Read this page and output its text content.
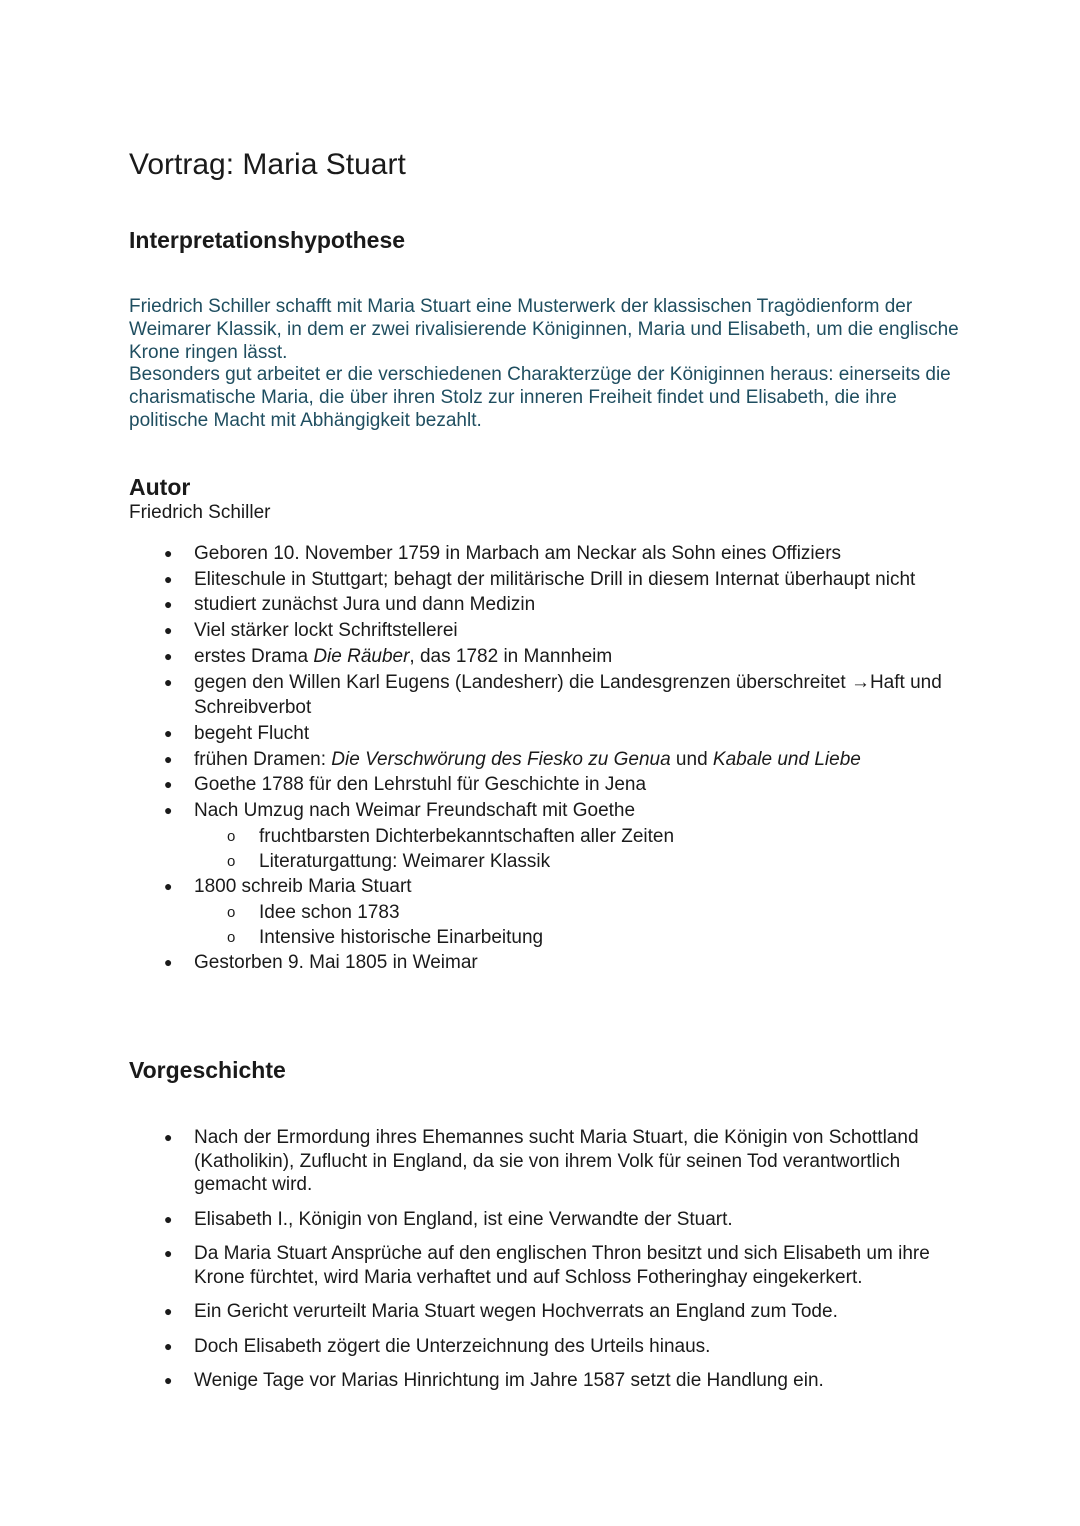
Vortrag: Maria Stuart
Interpretationshypothese

Friedrich Schiller schafft mit Maria Stuart eine Musterwerk der klassischen Tragödienform der Weimarer Klassik, in dem er zwei rivalisierende Königinnen, Maria und Elisabeth, um die englische Krone ringen lässt.

Besonders gut arbeitet er die verschiedenen Charakterzüge der Königinnen heraus: einerseits die charismatische Maria, die über ihren Stolz zur inneren Freiheit findet und Elisabeth, die ihre politische Macht mit Abhängigkeit bezahlt.

Autor
Friedrich Schiller
● Geboren 10. November 1759 in Marbach am Neckar als Sohn eines Offiziers
● Eliteschule in Stuttgart; behagt der militärische Drill in diesem Internat überhaupt nicht
● studiert zunächst Jura und dann Medizin
● Viel stärker lockt Schriftstellerei
● erstes Drama Die Räuber, das 1782 in Mannheim
● gegen den Willen Karl Eugens (Landesherr) die Landesgrenzen überschreitet →Haft und Schreibverbot
● begeht Flucht
● frühen Dramen: Die Verschwörung des Fiesko zu Genua und Kabale und Liebe
● Goethe 1788 für den Lehrstuhl für Geschichte in Jena
● Nach Umzug nach Weimar Freundschaft mit Goethe
o fruchtbarsten Dichterbekanntschaften aller Zeiten
o Literaturgattung: Weimarer Klassik
● 1800 schreib Maria Stuart
o Idee schon 1783
o Intensive historische Einarbeitung
● Gestorben 9. Mai 1805 in Weimar
Vorgeschichte
● Nach der Ermordung ihres Ehemannes sucht Maria Stuart, die Königin von Schottland (Katholikin), Zuflucht in England, da sie von ihrem Volk für seinen Tod verantwortlich gemacht wird.
● Elisabeth I., Königin von England, ist eine Verwandte der Stuart.
● Da Maria Stuart Ansprüche auf den englischen Thron besitzt und sich Elisabeth um ihre Krone fürchtet, wird Maria verhaftet und auf Schloss Fotheringhay eingekerkert.
● Ein Gericht verurteilt Maria Stuart wegen Hochverrats an England zum Tode.
● Doch Elisabeth zögert die Unterzeichnung des Urteils hinaus.
● Wenige Tage vor Marias Hinrichtung im Jahre 1587 setzt die Handlung ein.
